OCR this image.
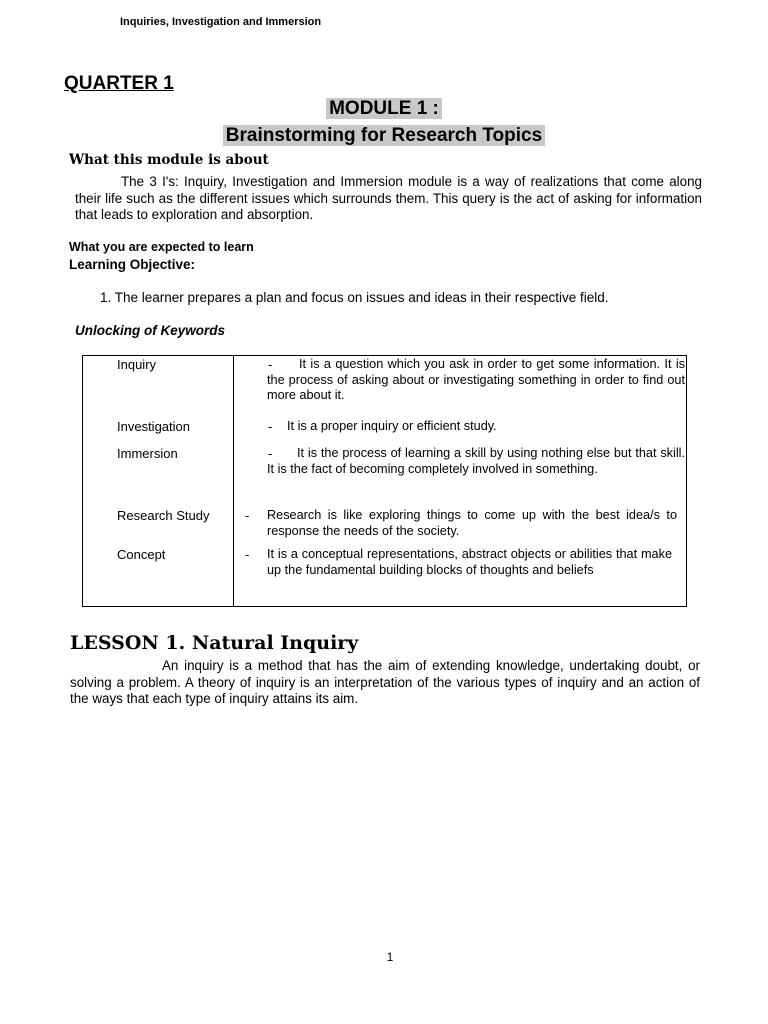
Inquiries, Investigation and Immersion
QUARTER 1
MODULE 1 :
Brainstorming for Research Topics
What this module is about
The 3 I's: Inquiry, Investigation and Immersion module is a way of realizations that come along their life such as the different issues which surrounds them. This query is the act of asking for information that leads to exploration and absorption.
What you are expected to learn
Learning Objective:
1. The learner prepares a plan and focus on issues and ideas in their respective field.
Unlocking of Keywords

Inquiry	-	It is a question which you ask in order to get some information. It is the process of asking about or investigating something in order to find out more about it.
Investigation	- It is a proper inquiry or efficient study.
Immersion	-	It is the process of learning a skill by using nothing else but that skill. It is the fact of becoming completely involved in something.
Research Study	- Research is like exploring things to come up with the best idea/s to response the needs of the society.
Concept	- It is a conceptual representations, abstract objects or abilities that make up the fundamental building blocks of thoughts and beliefs
LESSON 1. Natural Inquiry
An inquiry is a method that has the aim of extending knowledge, undertaking doubt, or solving a problem. A theory of inquiry is an interpretation of the various types of inquiry and an action of the ways that each type of inquiry attains its aim.
1
